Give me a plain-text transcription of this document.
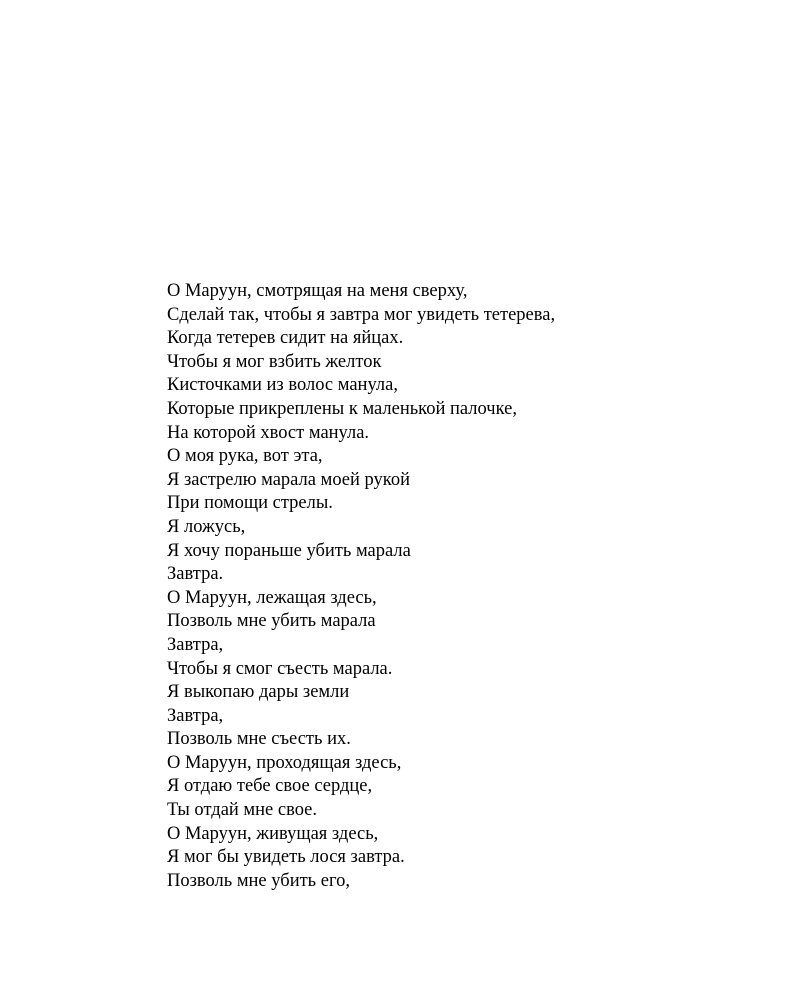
О Маруун, смотрящая на меня сверху,
Сделай так, чтобы я завтра мог увидеть тетерева,
Когда тетерев сидит на яйцах.
Чтобы я мог взбить желток
Кисточками из волос манула,
Которые прикреплены к маленькой палочке,
На которой хвост манула.
О моя рука, вот эта,
Я застрелю марала моей рукой
При помощи стрелы.
Я ложусь,
Я хочу пораньше убить марала
Завтра.
О Маруун, лежащая здесь,
Позволь мне убить марала
Завтра,
Чтобы я смог съесть марала.
Я выкопаю дары земли
Завтра,
Позволь мне съесть их.
О Маруун, проходящая здесь,
Я отдаю тебе свое сердце,
Ты отдай мне свое.
О Маруун, живущая здесь,
Я мог бы увидеть лося завтра.
Позволь мне убить его,
